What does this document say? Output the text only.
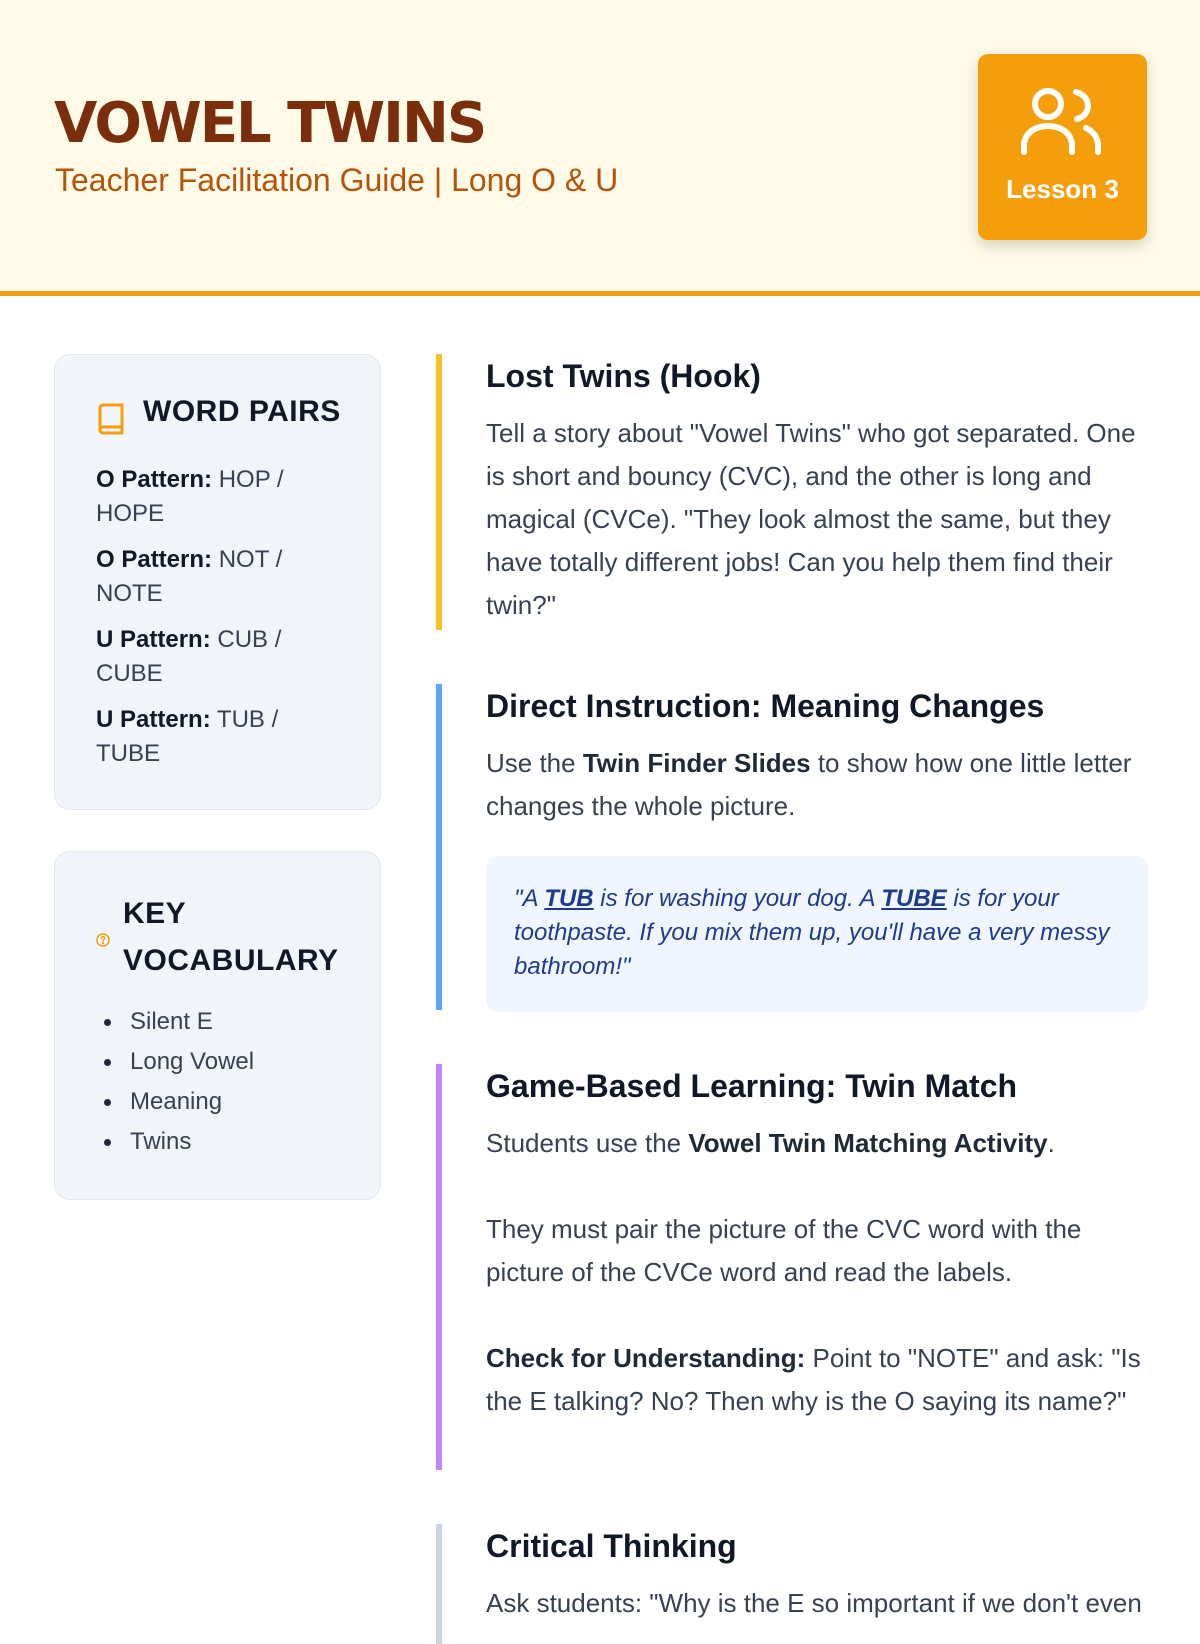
VOWEL TWINS
Teacher Facilitation Guide | Long O & U	Lesson 3
WORD PAIRS
O Pattern: HOP / HOPE
O Pattern: NOT / NOTE
U Pattern: CUB / CUBE
U Pattern: TUB / TUBE
KEY VOCABULARY
Silent E
Long Vowel
Meaning
Twins
Lost Twins (Hook)
Tell a story about "Vowel Twins" who got separated. One is short and bouncy (CVC), and the other is long and magical (CVCe). "They look almost the same, but they have totally different jobs! Can you help them find their twin?"
Direct Instruction: Meaning Changes
Use the Twin Finder Slides to show how one little letter changes the whole picture.
"A TUB is for washing your dog. A TUBE is for your toothpaste. If you mix them up, you'll have a very messy bathroom!"
Game-Based Learning: Twin Match
Students use the Vowel Twin Matching Activity.
They must pair the picture of the CVC word with the picture of the CVCe word and read the labels.
Check for Understanding: Point to "NOTE" and ask: "Is the E talking? No? Then why is the O saying its name?"
Critical Thinking
Ask students: "Why is the E so important if we don't even
